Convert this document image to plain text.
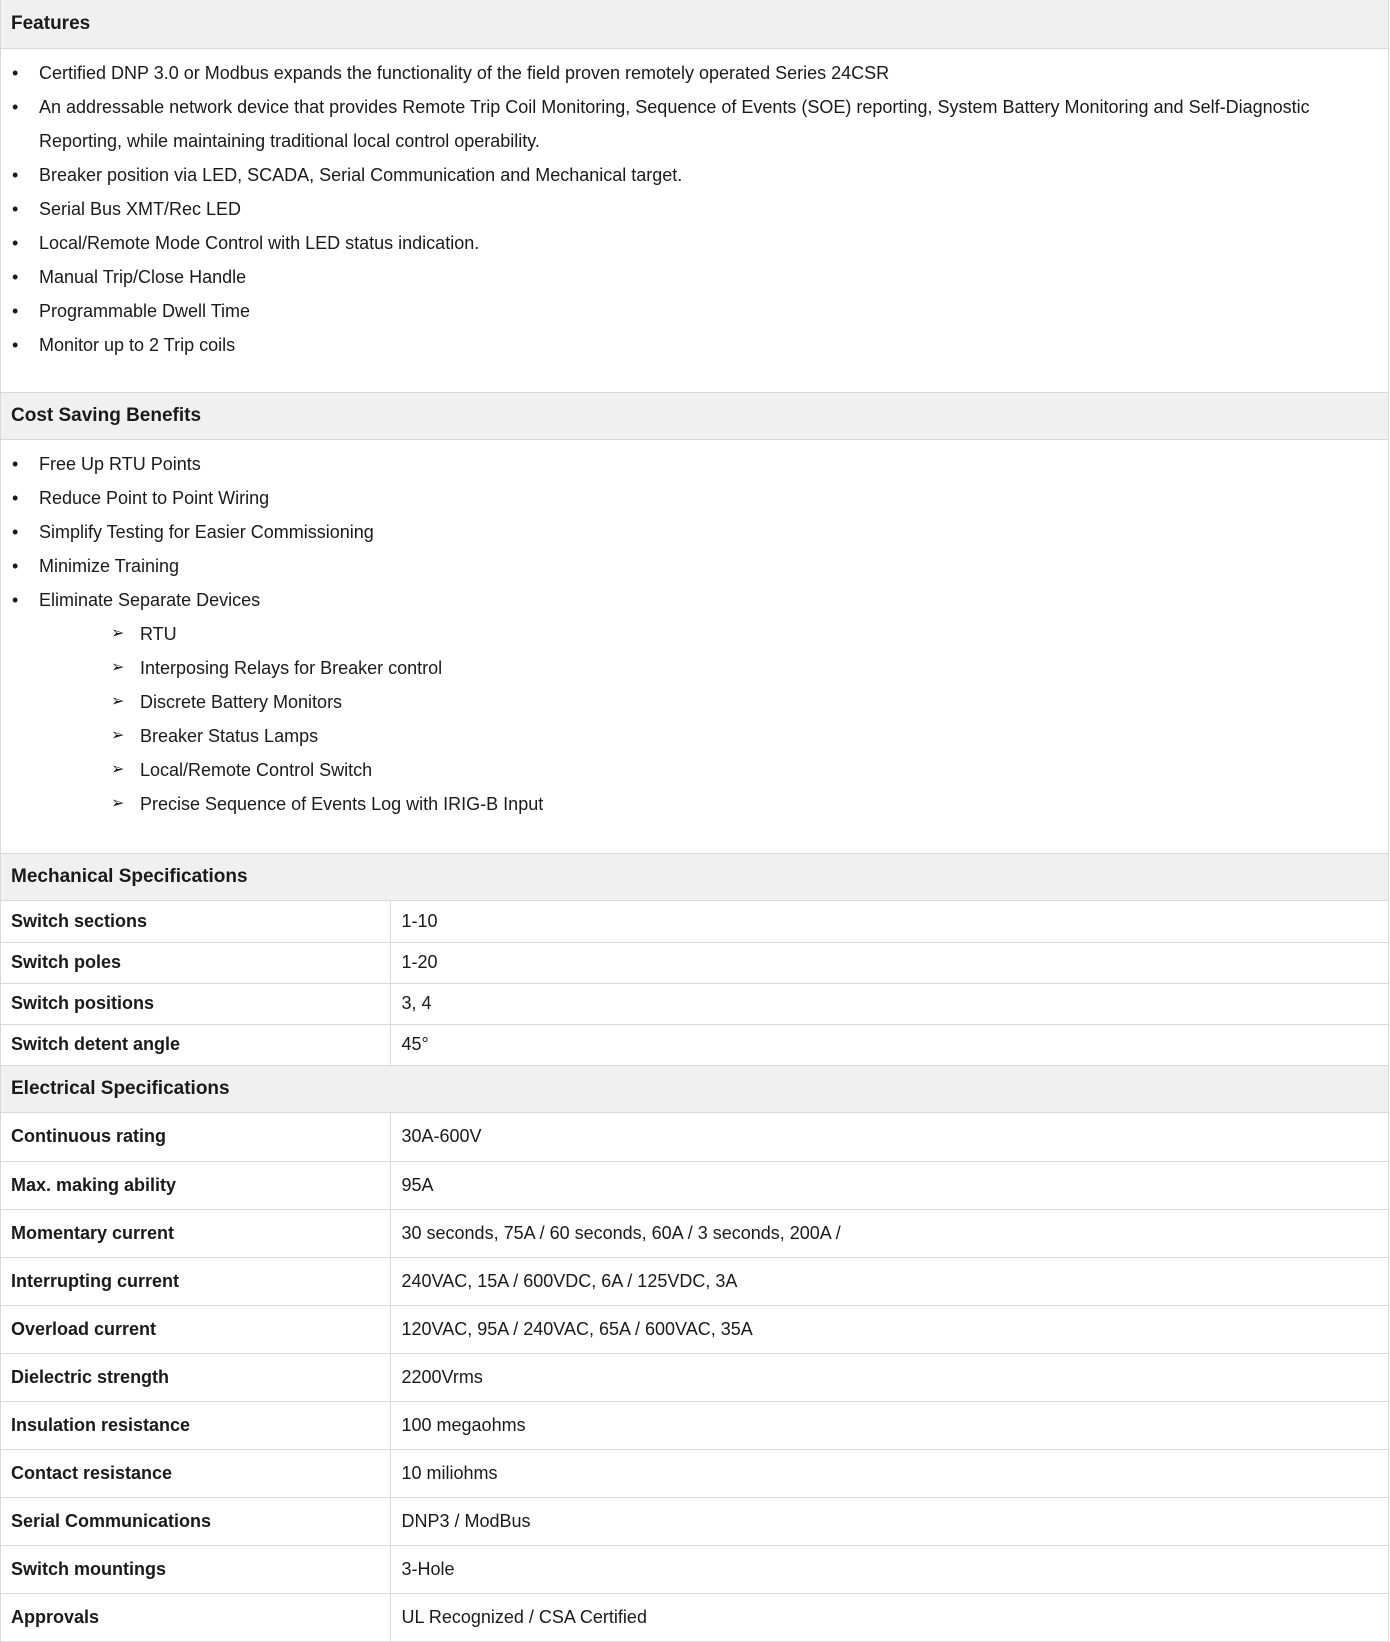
Features
• Certified DNP 3.0 or Modbus expands the functionality of the field proven remotely operated Series 24CSR
• An addressable network device that provides Remote Trip Coil Monitoring, Sequence of Events (SOE) reporting, System Battery Monitoring and Self-Diagnostic Reporting, while maintaining traditional local control operability.
• Breaker position via LED, SCADA, Serial Communication and Mechanical target.
• Serial Bus XMT/Rec LED
• Local/Remote Mode Control with LED status indication.
• Manual Trip/Close Handle
• Programmable Dwell Time
• Monitor up to 2 Trip coils
Cost Saving Benefits
• Free Up RTU Points
• Reduce Point to Point Wiring
• Simplify Testing for Easier Commissioning
• Minimize Training
• Eliminate Separate Devices
➢ RTU
➢ Interposing Relays for Breaker control
➢ Discrete Battery Monitors
➢ Breaker Status Lamps
➢ Local/Remote Control Switch
➢ Precise Sequence of Events Log with IRIG-B Input
Mechanical Specifications
Switch sections	1-10
Switch poles	1-20
Switch positions	3, 4
Switch detent angle	45°
Electrical Specifications
Continuous rating	30A-600V
Max. making ability	95A
Momentary current	30 seconds, 75A / 60 seconds, 60A / 3 seconds, 200A /
Interrupting current	240VAC, 15A / 600VDC, 6A / 125VDC, 3A
Overload current	120VAC, 95A / 240VAC, 65A / 600VAC, 35A
Dielectric strength	2200Vrms
Insulation resistance	100 megaohms
Contact resistance	10 miliohms
Serial Communications	DNP3 / ModBus
Switch mountings	3-Hole
Approvals	UL Recognized / CSA Certified
